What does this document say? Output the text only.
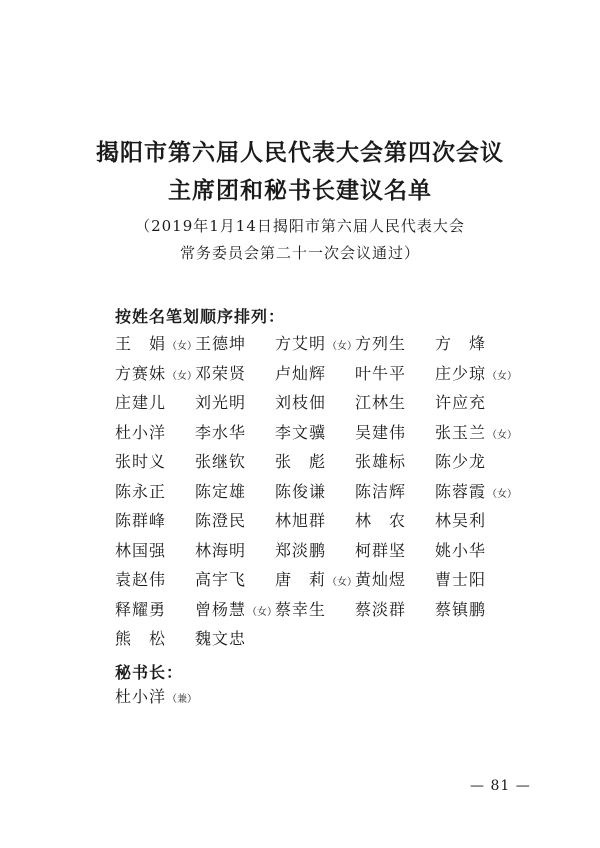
揭阳市第六届人民代表大会第四次会议
主席团和秘书长建议名单
（2019年1月14日揭阳市第六届人民代表大会
常务委员会第二十一次会议通过）
按姓名笔划顺序排列：
王　娟（女）
王德坤 方艾明（女）
方列生 方　烽
方赛妹（女）
邓荣贤 卢灿辉 叶牛平 庄少琼（女）
庄建儿 刘光明 刘枝佃 江林生 许应充
杜小洋 李水华 李文骥 吴建伟 张玉兰（女）
张时义 张继钦 张　彪 张雄标 陈少龙
陈永正 陈定雄 陈俊谦 陈洁辉 陈蓉霞（女）
陈群峰 陈澄民 林旭群 林　农 林吴利
林国强 林海明 郑淡鹏 柯群坚 姚小华
袁赵伟 高宇飞 唐　莉（女）
黄灿煜 曹士阳
释耀勇 曾杨慧（女）
蔡幸生 蔡淡群 蔡镇鹏
熊　松 魏文忠
秘书长：
杜小洋（兼）
— 81 —
